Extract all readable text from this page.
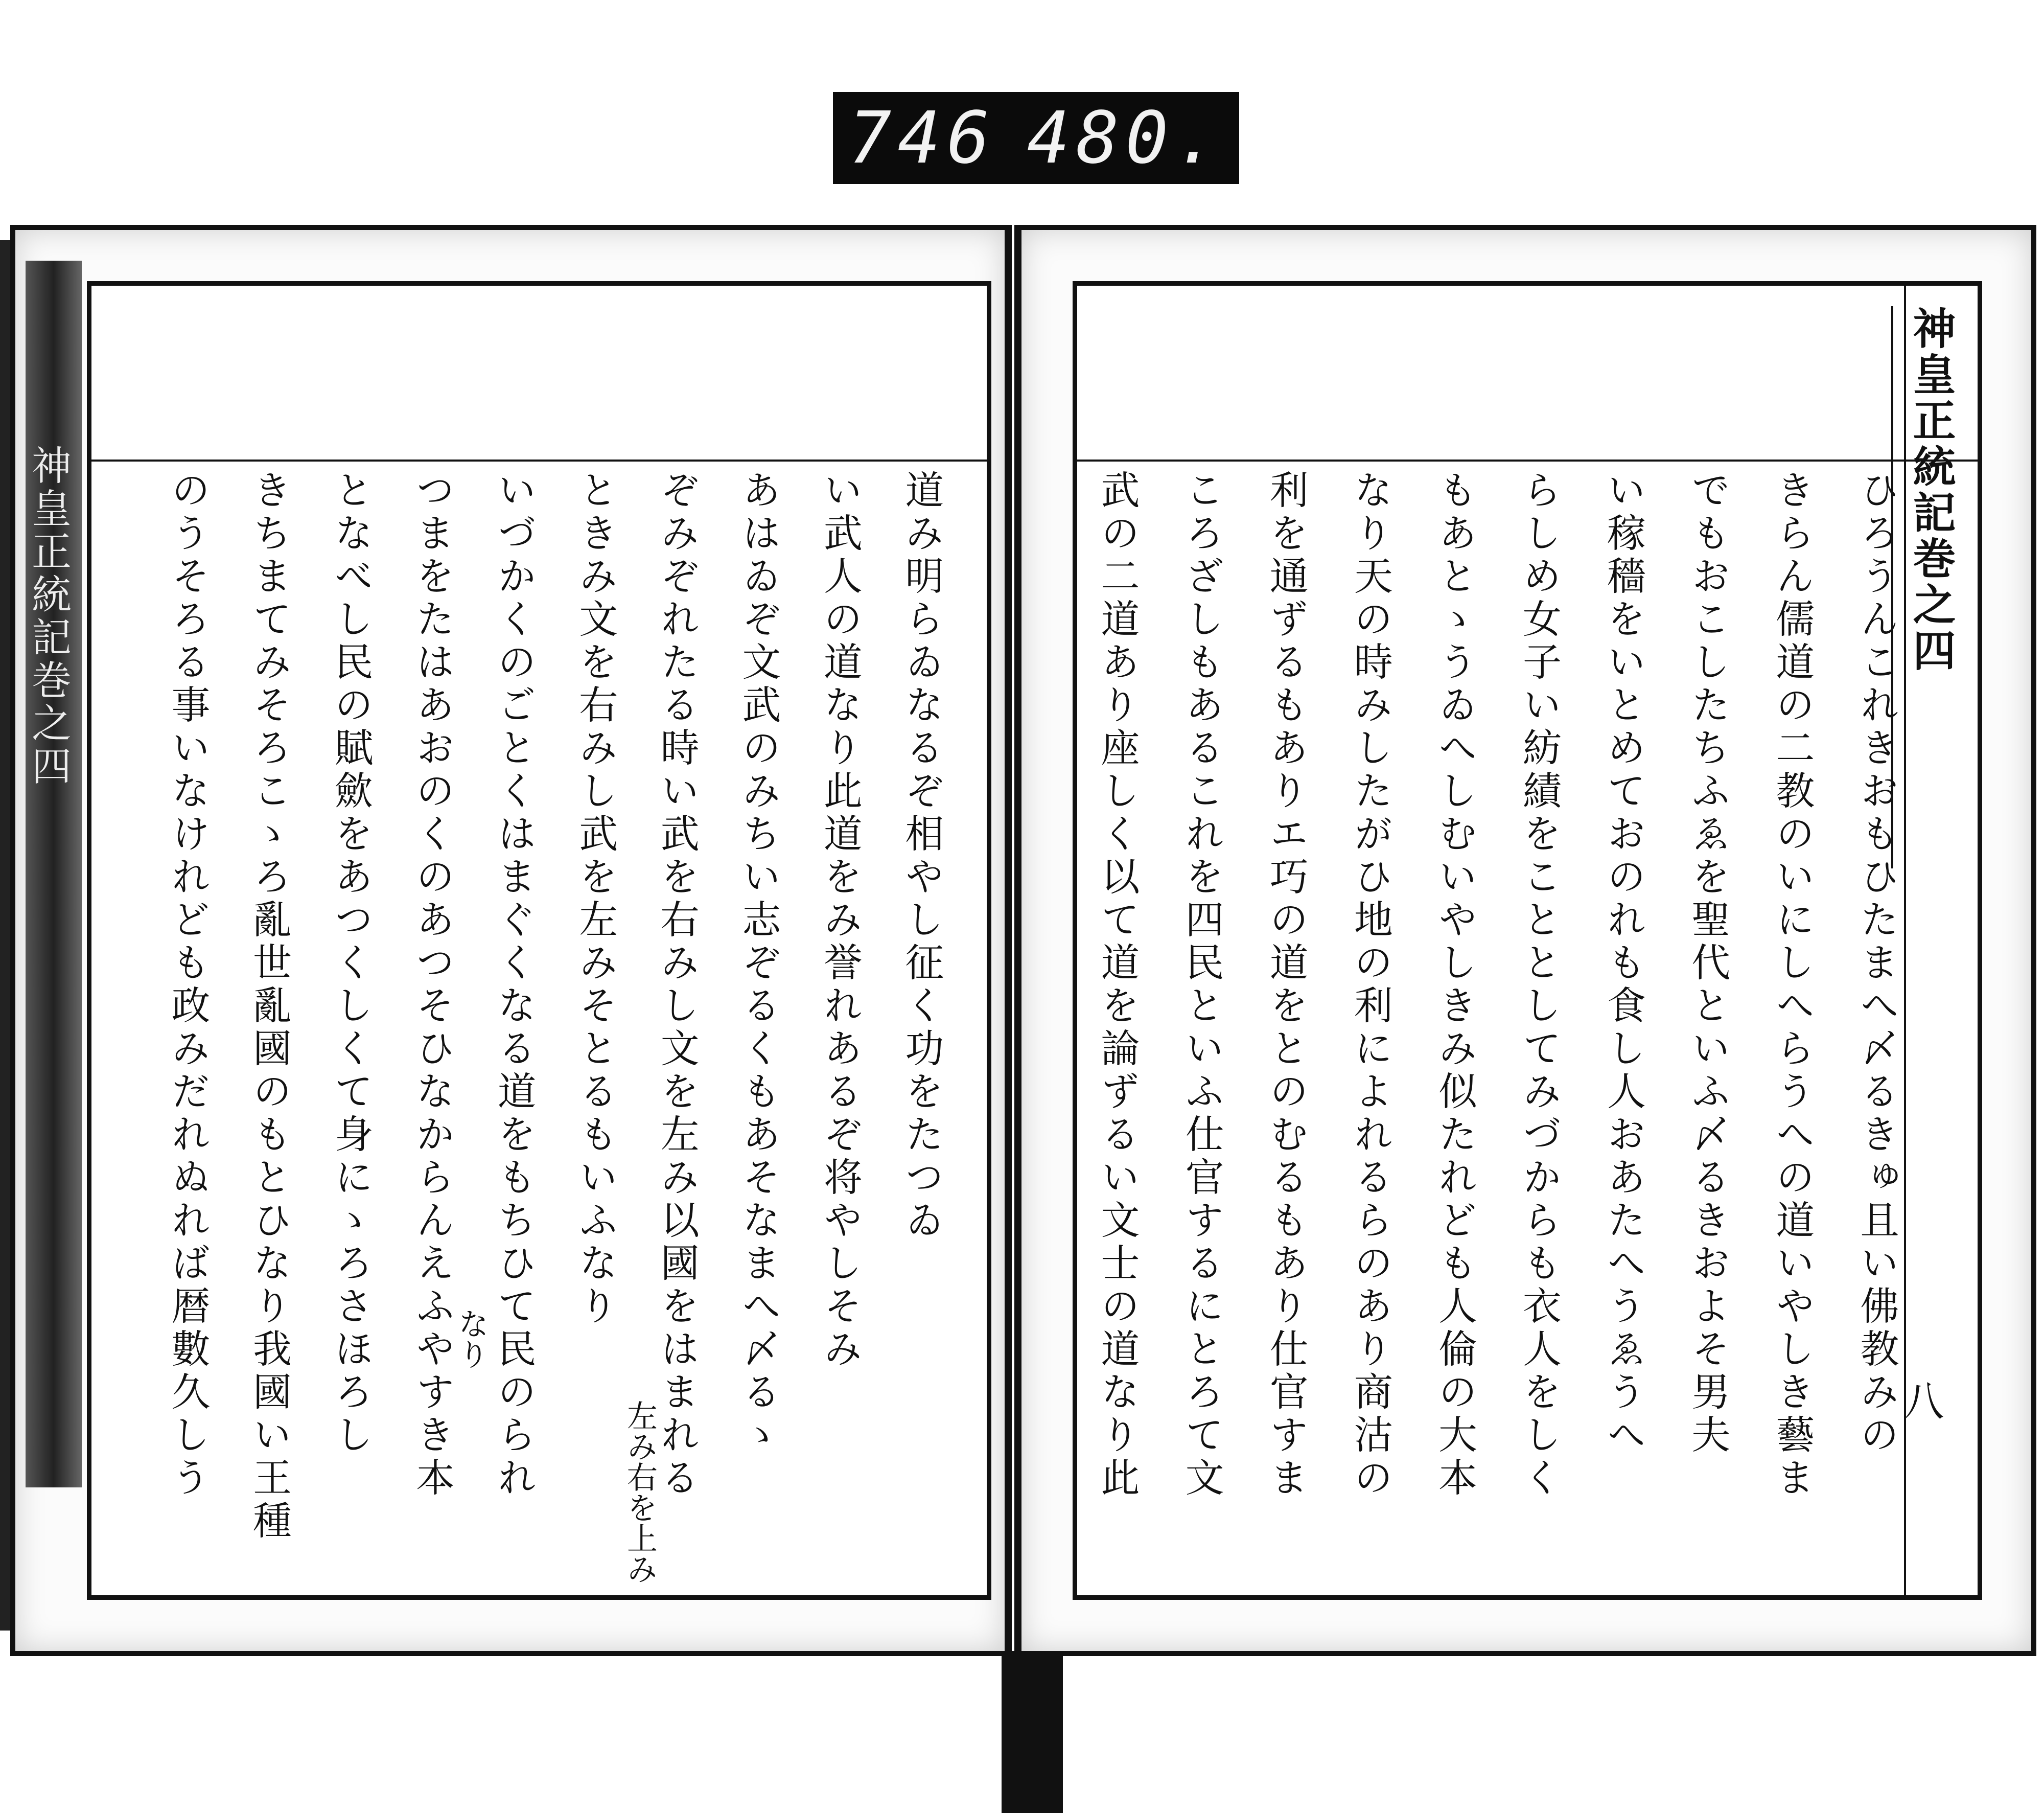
746 480.
神皇正統記巻之四	道み明らゐなるぞ相やし征く功をたつゐ
い武人の道なり此道をみ誉れあるぞ将やしそみ
あはゐぞ文武のみちい志ぞるくもあそなまへ〆るゝ
ぞみぞれたる時い武を右みし文を左み以國をはまれる
ときみ文を右みし武を左みそとるもいふなり
いづかくのごとくはまぐくなる道をもちひて民のられ
つまをたはあおのくのあつそひなからんえふやすき本
となべし民の賦歛をあつくしくて身にゝろさほろし
きちまてみそろこゝろ亂世亂國のもとひなり我國い王種
のうそろる事いなけれども政みだれぬれば暦數久しう	左み右を上み
なり
神皇正統記巻之四
八
ひろうんこれきおもひたまへ〆るきゅ且い佛教みの
きらん儒道の二教のいにしへらうへの道いやしき藝ま
でもおこしたちふゑを聖代といふ〆るきおよそ男夫
い稼穡をいとめておのれも食し人おあたへうゑうへ
らしめ女子い紡績をこととしてみづからも衣人をしく
もあとゝうゐへしむいやしきみ似たれども人倫の大本
なり天の時みしたがひ地の利によれるらのあり商沽の
利を通ずるもありエ巧の道をとのむるもあり仕官すま
ころざしもあるこれを四民といふ仕官するにとろて文
武の二道あり座しく以て道を論ずるい文士の道なり此
